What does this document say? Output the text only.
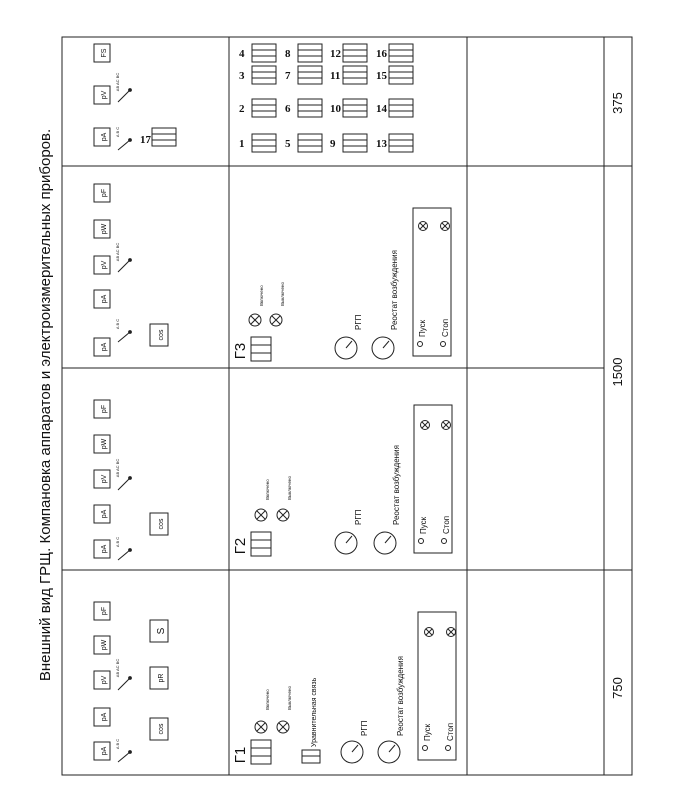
Внешний вид ГРЩ. Компановка аппаратов и электроизмерительных приборов.
750
1500
375
pA
pA
pV
pW
pF
cos
pR
S
A B C
AB AC BC
pA
pA
pV
pW
pF
cos
A B C
AB AC BC
pA
pA
pV
pW
pF
cos
A B C
AB AC BC
pA
pV
FS
A B C
AB AC BC
17
Г1
Включено	Выключено	Уравнительная связь	РГП	Реостат возбуждения Пуск Стоп
Г2
Включено	Выключено
РГП	Реостат возбуждения
Пуск Стоп
Г3
Включено	Выключено
РГП	Реостат возбуждения Пуск Стоп
1
2
3
4
5
6
7
8
9
10
11
12
13
14
15
16
